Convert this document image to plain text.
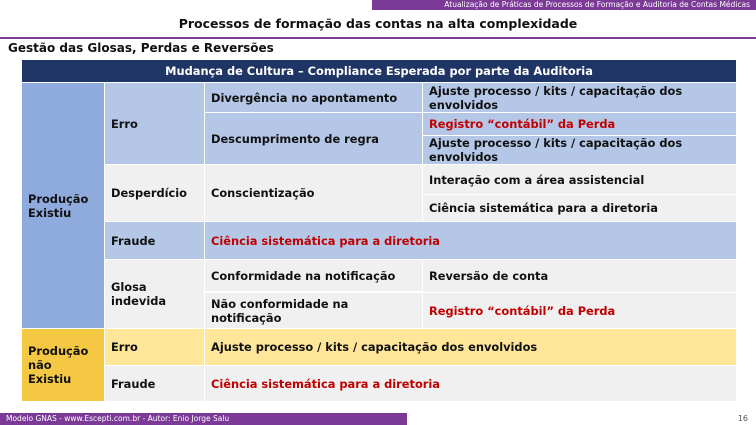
Atualização de Práticas de Processos de Formação e Auditoria de Contas Médicas
Processos de formação das contas na alta complexidade
Gestão das Glosas, Perdas e Reversões
Mudança de Cultura – Compliance Esperada por parte da Auditoria			
Produção Existiu	Erro	Divergência no apontamento	Ajuste processo / kits / capacitação dos envolvidos
		Descumprimento de regra	Registro “contábil” da Perda
			Ajuste processo / kits / capacitação dos envolvidos
	Desperdício	Conscientização	Interação com a área assistencial
			Ciência sistemática para a diretoria
	Fraude	Ciência sistemática para a diretoria	
	Glosa indevida	Conformidade na notificação	Reversão de conta

		Não conformidade na notificação	Registro “contábil” da Perda
Produção não Existiu	Erro	Ajuste processo / kits / capacitação dos envolvidos	
	Fraude	Ciência sistemática para a diretoria	
Modelo GNAS - www.Escepti.com.br - Autor: Enio Jorge Salu	16
